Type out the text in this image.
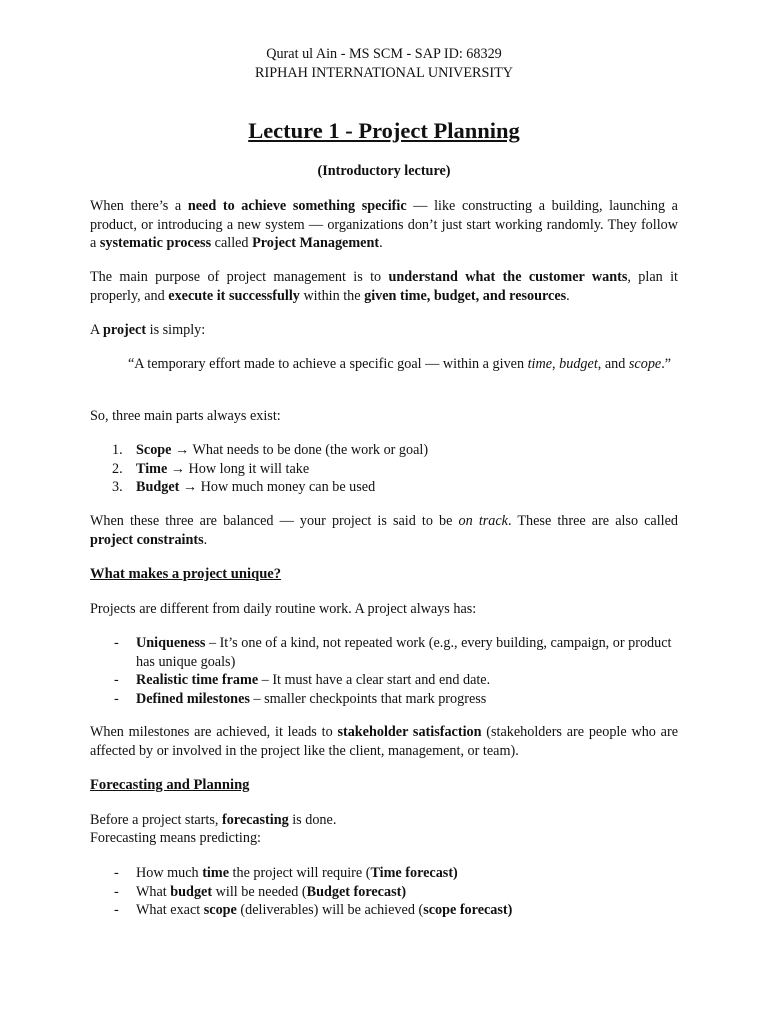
Qurat ul Ain - MS SCM - SAP ID: 68329
RIPHAH INTERNATIONAL UNIVERSITY
Lecture 1 - Project Planning
(Introductory lecture)

When there’s a need to achieve something specific — like constructing a building, launching a product, or introducing a new system — organizations don’t just start working randomly. They follow a systematic process called Project Management.

The main purpose of project management is to understand what the customer wants, plan it properly, and execute it successfully within the given time, budget, and resources.

A project is simply:

“A temporary effort made to achieve a specific goal — within a given time, budget, and scope.”

So, three main parts always exist:

1. Scope → What needs to be done (the work or goal)
2. Time → How long it will take
3. Budget → How much money can be used

When these three are balanced — your project is said to be on track. These three are also called project constraints.

What makes a project unique?

Projects are different from daily routine work. A project always has:

- Uniqueness – It’s one of a kind, not repeated work (e.g., every building, campaign, or product has unique goals)
- Realistic time frame – It must have a clear start and end date.
- Defined milestones – smaller checkpoints that mark progress

When milestones are achieved, it leads to stakeholder satisfaction (stakeholders are people who are affected by or involved in the project like the client, management, or team).

Forecasting and Planning

Before a project starts, forecasting is done.

Forecasting means predicting:

- How much time the project will require (Time forecast)
- What budget will be needed (Budget forecast)
- What exact scope (deliverables) will be achieved (scope forecast)
